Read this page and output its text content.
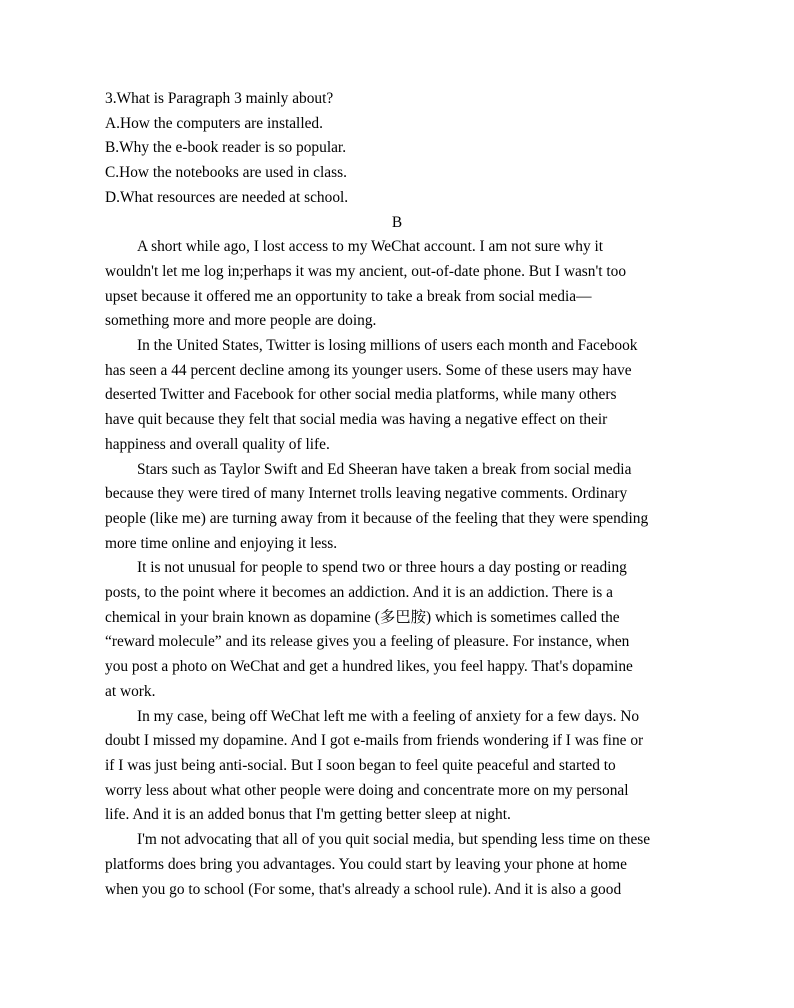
3.What is Paragraph 3 mainly about?

A.How the computers are installed.

B.Why the e-book reader is so popular.

C.How the notebooks are used in class.

D.What resources are needed at school.

B

A short while ago, I lost access to my WeChat account. I am not sure why it
wouldn't let me log in;perhaps it was my ancient, out-of-date phone. But I wasn't too
upset because it offered me an opportunity to take a break from social media—
something more and more people are doing.

In the United States, Twitter is losing millions of users each month and Facebook
has seen a 44 percent decline among its younger users. Some of these users may have
deserted Twitter and Facebook for other social media platforms, while many others
have quit because they felt that social media was having a negative effect on their
happiness and overall quality of life.

Stars such as Taylor Swift and Ed Sheeran have taken a break from social media
because they were tired of many Internet trolls leaving negative comments. Ordinary
people (like me) are turning away from it because of the feeling that they were spending
more time online and enjoying it less.

It is not unusual for people to spend two or three hours a day posting or reading
posts, to the point where it becomes an addiction. And it is an addiction. There is a
chemical in your brain known as dopamine (多巴胺) which is sometimes called the
“reward molecule” and its release gives you a feeling of pleasure. For instance, when
you post a photo on WeChat and get a hundred likes, you feel happy. That's dopamine
at work.

In my case, being off WeChat left me with a feeling of anxiety for a few days. No
doubt I missed my dopamine. And I got e-mails from friends wondering if I was fine or
if I was just being anti-social. But I soon began to feel quite peaceful and started to
worry less about what other people were doing and concentrate more on my personal
life. And it is an added bonus that I'm getting better sleep at night.

I'm not advocating that all of you quit social media, but spending less time on these
platforms does bring you advantages. You could start by leaving your phone at home
when you go to school (For some, that's already a school rule). And it is also a good
